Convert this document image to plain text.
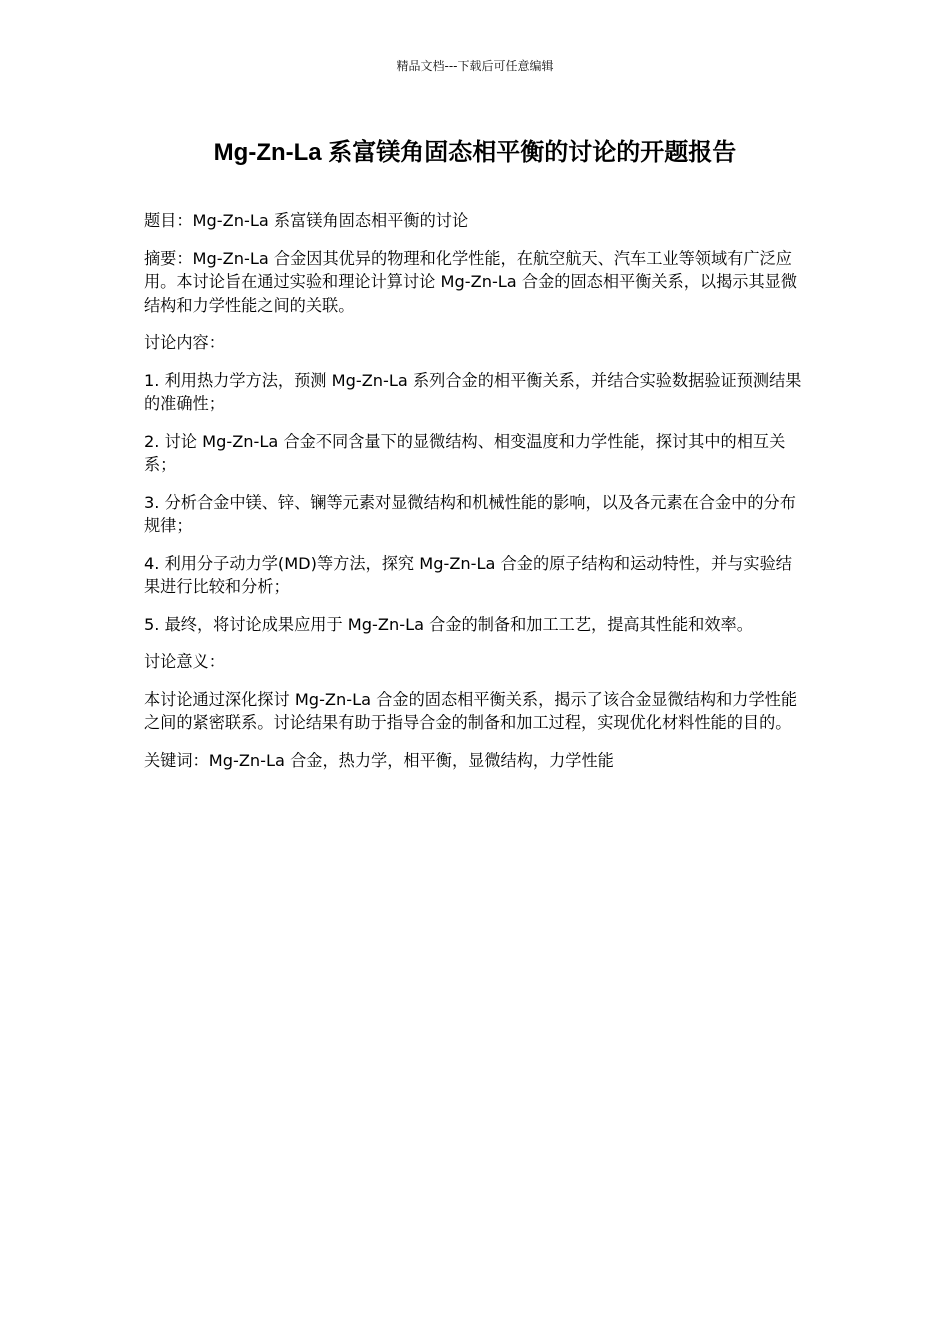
精品文档---下载后可任意编辑
Mg-Zn-La 系富镁角固态相平衡的讨论的开题报告

题目：Mg-Zn-La 系富镁角固态相平衡的讨论

摘要：Mg-Zn-La 合金因其优异的物理和化学性能，在航空航天、汽车工业等领域有广泛应用。本讨论旨在通过实验和理论计算讨论 Mg-Zn-La 合金的固态相平衡关系，以揭示其显微结构和力学性能之间的关联。

讨论内容：

1. 利用热力学方法，预测 Mg-Zn-La 系列合金的相平衡关系，并结合实验数据验证预测结果的准确性；

2. 讨论 Mg-Zn-La 合金不同含量下的显微结构、相变温度和力学性能，探讨其中的相互关系；

3. 分析合金中镁、锌、镧等元素对显微结构和机械性能的影响，以及各元素在合金中的分布规律；

4. 利用分子动力学(MD)等方法，探究 Mg-Zn-La 合金的原子结构和运动特性，并与实验结果进行比较和分析；

5. 最终，将讨论成果应用于 Mg-Zn-La 合金的制备和加工工艺，提高其性能和效率。

讨论意义：

本讨论通过深化探讨 Mg-Zn-La 合金的固态相平衡关系，揭示了该合金显微结构和力学性能之间的紧密联系。讨论结果有助于指导合金的制备和加工过程，实现优化材料性能的目的。

关键词：Mg-Zn-La 合金，热力学，相平衡，显微结构，力学性能
